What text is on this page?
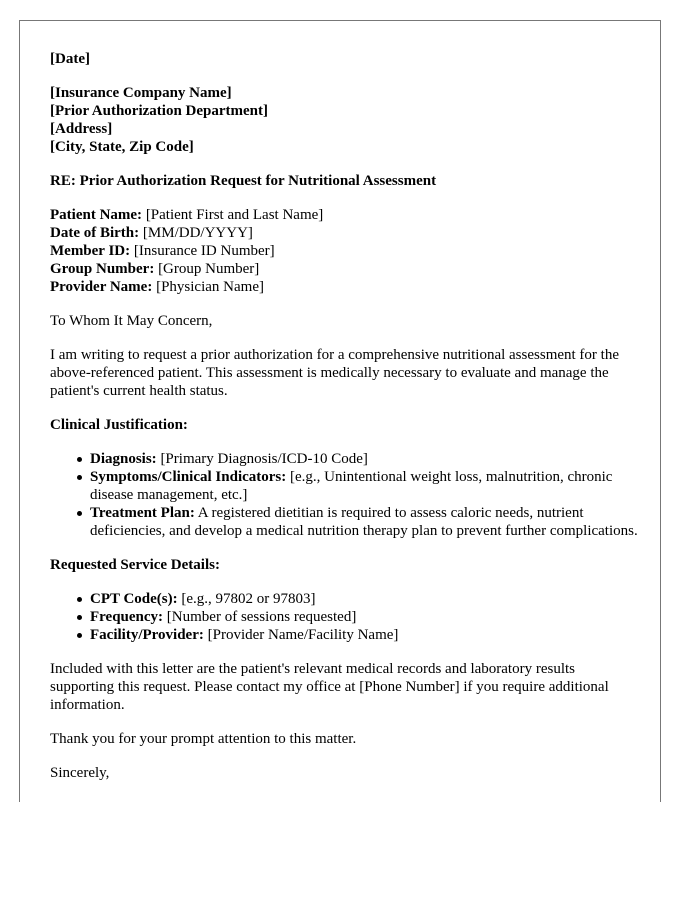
[Date]

[Insurance Company Name]
[Prior Authorization Department]
[Address]
[City, State, Zip Code]

RE: Prior Authorization Request for Nutritional Assessment

Patient Name: [Patient First and Last Name]
Date of Birth: [MM/DD/YYYY]
Member ID: [Insurance ID Number]
Group Number: [Group Number]
Provider Name: [Physician Name]

To Whom It May Concern,

I am writing to request a prior authorization for a comprehensive nutritional assessment for the above-referenced patient. This assessment is medically necessary to evaluate and manage the patient's current health status.

Clinical Justification:

Diagnosis: [Primary Diagnosis/ICD-10 Code]
Symptoms/Clinical Indicators: [e.g., Unintentional weight loss, malnutrition, chronic disease management, etc.]
Treatment Plan: A registered dietitian is required to assess caloric needs, nutrient deficiencies, and develop a medical nutrition therapy plan to prevent further complications.

Requested Service Details:

CPT Code(s): [e.g., 97802 or 97803]
Frequency: [Number of sessions requested]
Facility/Provider: [Provider Name/Facility Name]

Included with this letter are the patient's relevant medical records and laboratory results supporting this request. Please contact my office at [Phone Number] if you require additional information.

Thank you for your prompt attention to this matter.

Sincerely,
